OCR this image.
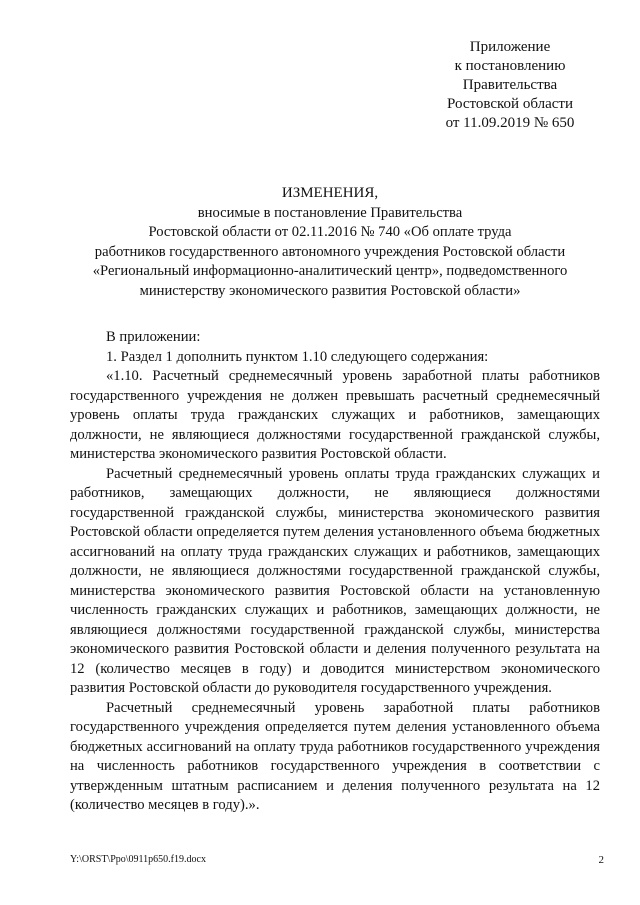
Приложение
к постановлению
Правительства
Ростовской области
от 11.09.2019 № 650
ИЗМЕНЕНИЯ,
вносимые в постановление Правительства
Ростовской области от 02.11.2016 № 740 «Об оплате труда
работников государственного автономного учреждения Ростовской области
«Региональный информационно-аналитический центр», подведомственного
министерству экономического развития Ростовской области»

В приложении:

1. Раздел 1 дополнить пунктом 1.10 следующего содержания:

«1.10. Расчетный среднемесячный уровень заработной платы работников государственного учреждения не должен превышать расчетный среднемесячный уровень оплаты труда гражданских служащих и работников, замещающих должности, не являющиеся должностями государственной гражданской службы, министерства экономического развития Ростовской области.

Расчетный среднемесячный уровень оплаты труда гражданских служащих и работников, замещающих должности, не являющиеся должностями государственной гражданской службы, министерства экономического развития Ростовской области определяется путем деления установленного объема бюджетных ассигнований на оплату труда гражданских служащих и работников, замещающих должности, не являющиеся должностями государственной гражданской службы, министерства экономического развития Ростовской области на установленную численность гражданских служащих и работников, замещающих должности, не являющиеся должностями государственной гражданской службы, министерства экономического развития Ростовской области и деления полученного результата на 12 (количество месяцев в году) и доводится министерством экономического развития Ростовской области до руководителя государственного учреждения.

Расчетный среднемесячный уровень заработной платы работников государственного учреждения определяется путем деления установленного объема бюджетных ассигнований на оплату труда работников государственного учреждения на численность работников государственного учреждения в соответствии с утвержденным штатным расписанием и деления полученного результата на 12 (количество месяцев в году).».

Y:\ORST\Ppo\0911p650.f19.docx	2
